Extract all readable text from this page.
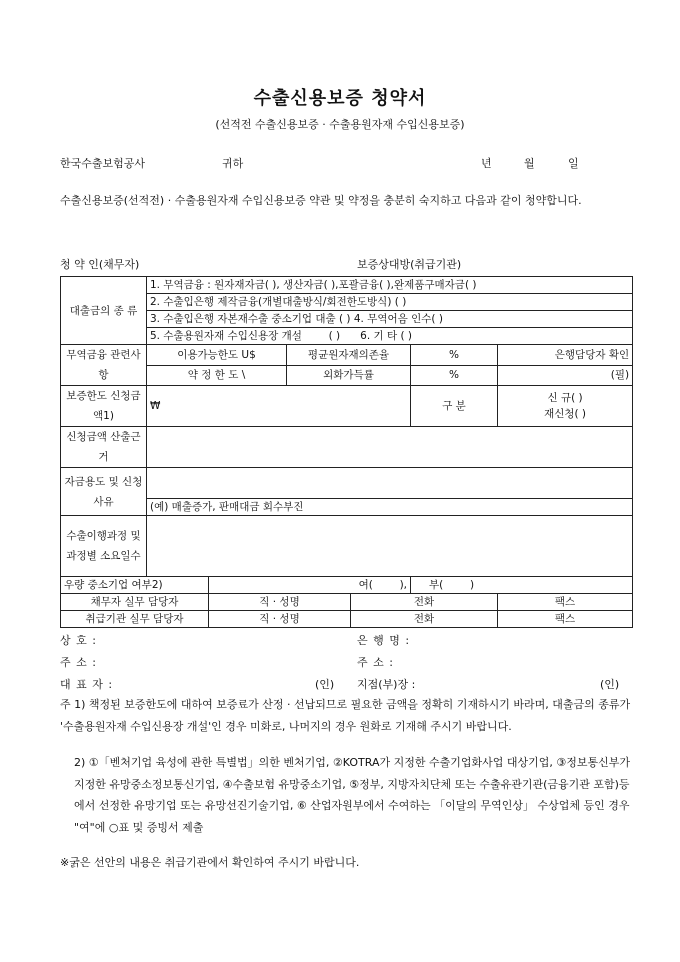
수출신용보증 청약서
(선적전 수출신용보증 · 수출용원자재 수입신용보증)
한국수출보험공사	귀하	년	월	일
수출신용보증(선적전) · 수출용원자재 수입신용보증 약관 및 약정을 충분히 숙지하고 다음과 같이 청약합니다.
청 약 인(채무자)	보증상대방(취급기관)
대출금의 종 류	1. 무역금융 : 원자재자금( ), 생산자금( ),포괄금융( ),완제품구매자금( )					
	2. 수출입은행 제작금융(개별대출방식/회전한도방식) ( )					
	3. 수출입은행 자본재수출 중소기업 대출 ( ) 4. 무역어음 인수( )					
	5. 수출용원자재 수입신용장 개설        ( )      6. 기 타 ( )					
무역금융 관련사항	이용가능한도 U$		평균원자재의존율		%	은행담당자 확인
	약 정 한 도 \		외화가득률		%	(필)
보증한도 신청금액1)	₩				구 분	신 규( )
재신청( )
신청금액 산출근거						
자금용도 및 신청사유						
	(예) 매출증가, 판매대금 회수부진					
수출이행과정 및 과정별 소요일수						
우량 중소기업 여부2)		여(        ),			부(        )	
채무자 실무 담당자		직 · 성명		전화		팩스
취급기관 실무 담당자		직 · 성명		전화		팩스
상 호 :
주 소 :
대 표 자 :	(인)
은 행 명 :
주 소 :
지점(부)장 :	(인)
주 1) 책정된 보증한도에 대하여 보증료가 산정 · 선납되므로 필요한 금액을 정확히 기재하시기 바라며, 대출금의 종류가 '수출용원자재 수입신용장 개설'인 경우 미화로, 나머지의 경우 원화로 기재해 주시기 바랍니다.
2) ①「벤처기업 육성에 관한 특별법」의한 벤처기업, ②KOTRA가 지정한 수출기업화사업 대상기업, ③정보통신부가 지정한 유망중소정보통신기업, ④수출보험 유망중소기업, ⑤정부, 지방자치단체 또는 수출유관기관(금융기관 포함)등에서 선정한 유망기업 또는 유망선진기술기업, ⑥ 산업자원부에서 수여하는 「이달의 무역인상」 수상업체 등인 경우 "여"에 ○표 및 증빙서 제출
※굵은 선안의 내용은 취급기관에서 확인하여 주시기 바랍니다.
